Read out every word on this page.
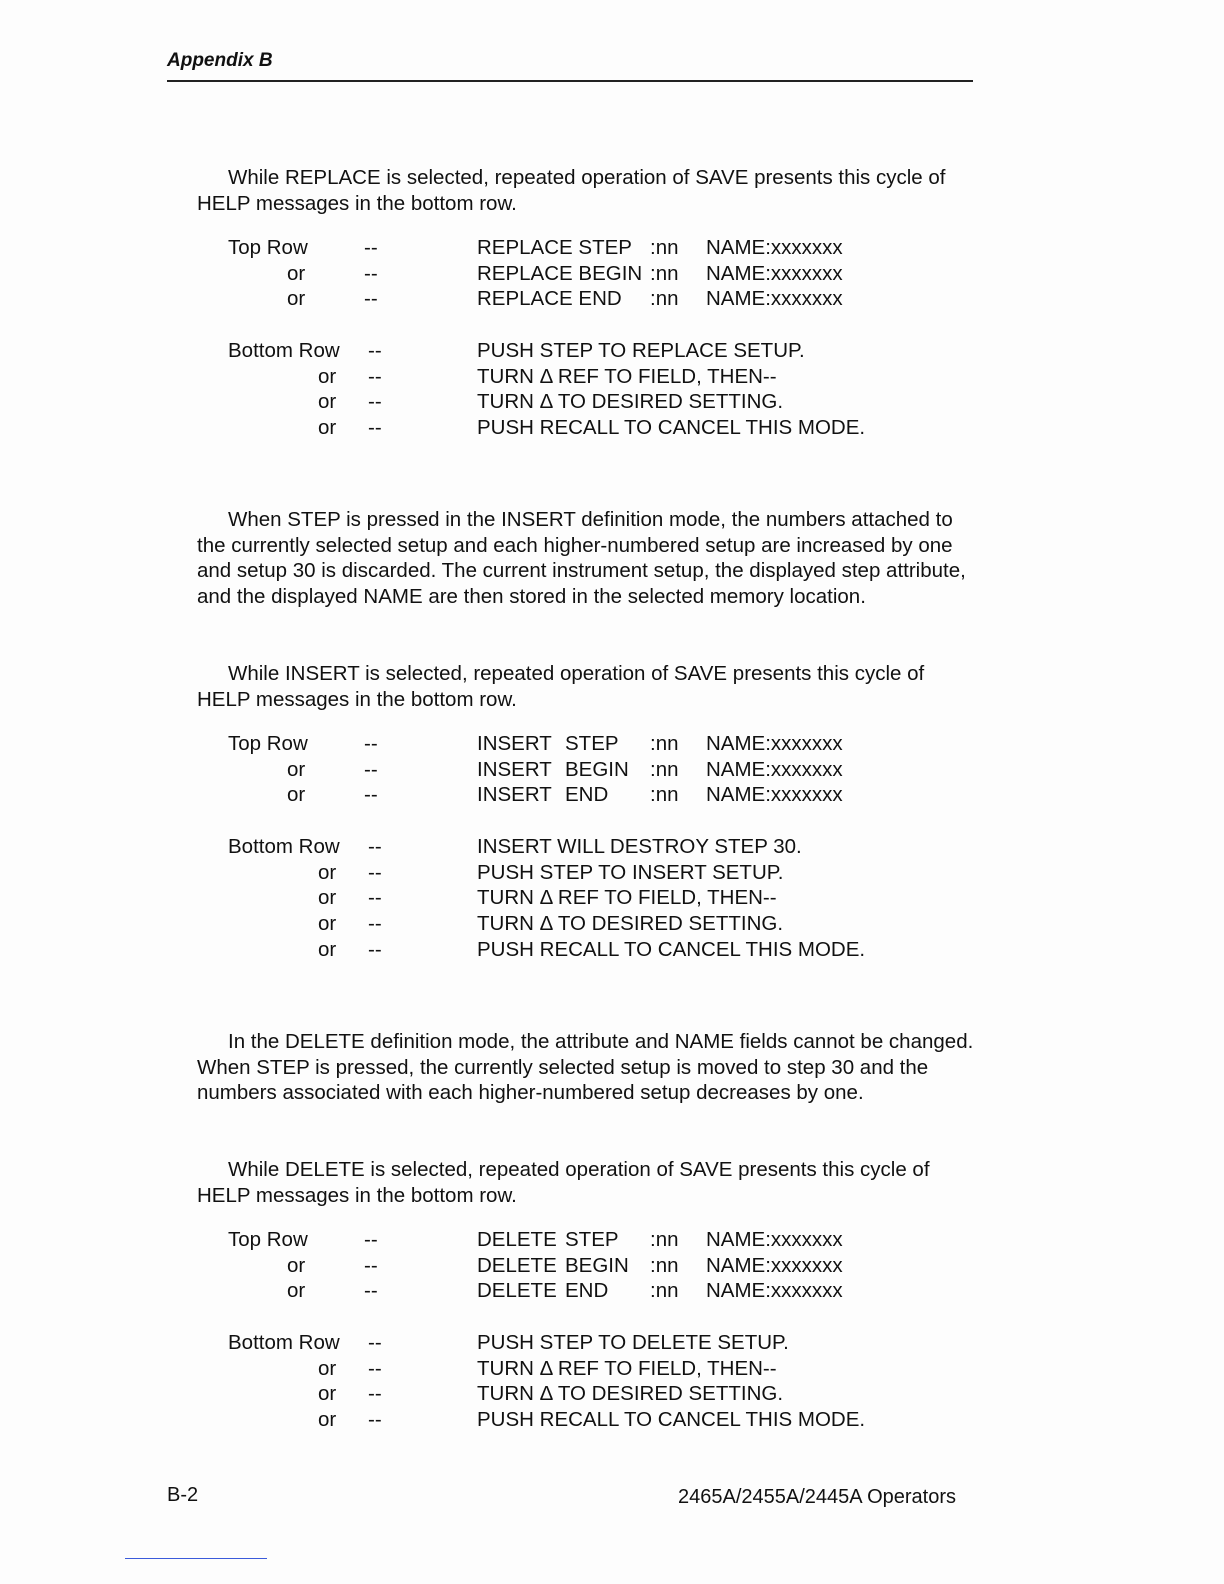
Appendix B

While REPLACE is selected, repeated operation of SAVE presents this cycle of HELP messages in the bottom row.

Top Row	--	REPLACE STEP :nn NAME:xxxxxxx
or	--	REPLACE BEGIN :nn NAME:xxxxxxx
or	--	REPLACE END :nn NAME:xxxxxxx
Bottom Row --	PUSH STEP TO REPLACE SETUP.
or --	TURN Δ REF TO FIELD, THEN--
or --	TURN Δ TO DESIRED SETTING.
or --	PUSH RECALL TO CANCEL THIS MODE.

When STEP is pressed in the INSERT definition mode, the numbers attached to the currently selected setup and each higher-numbered setup are increased by one and setup 30 is discarded. The current instrument setup, the displayed step attribute, and the displayed NAME are then stored in the selected memory location.

While INSERT is selected, repeated operation of SAVE presents this cycle of HELP messages in the bottom row.

Top Row	--	INSERT STEP :nn NAME:xxxxxxx
or	--	INSERT BEGIN :nn NAME:xxxxxxx
or	--	INSERT END :nn NAME:xxxxxxx
Bottom Row --	INSERT WILL DESTROY STEP 30.
or --	PUSH STEP TO INSERT SETUP.
or --	TURN Δ REF TO FIELD, THEN--
or --	TURN Δ TO DESIRED SETTING.
or --	PUSH RECALL TO CANCEL THIS MODE.

In the DELETE definition mode, the attribute and NAME fields cannot be changed. When STEP is pressed, the currently selected setup is moved to step 30 and the numbers associated with each higher-numbered setup decreases by one.

While DELETE is selected, repeated operation of SAVE presents this cycle of HELP messages in the bottom row.

Top Row	--	DELETE STEP :nn NAME:xxxxxxx
or	--	DELETE BEGIN :nn NAME:xxxxxxx
or	--	DELETE END :nn NAME:xxxxxxx
Bottom Row --	PUSH STEP TO DELETE SETUP.
or --	TURN Δ REF TO FIELD, THEN--
or --	TURN Δ TO DESIRED SETTING.
or --	PUSH RECALL TO CANCEL THIS MODE.
B-2	2465A/2455A/2445A Operators
